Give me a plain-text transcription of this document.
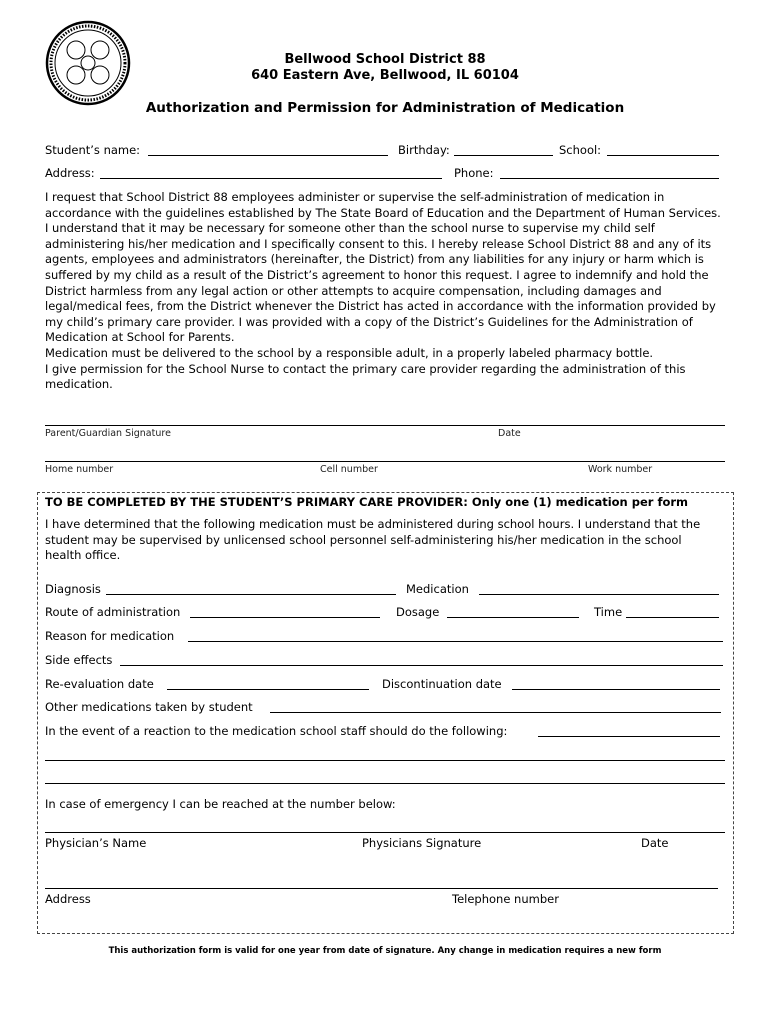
Bellwood School District 88
640 Eastern Ave, Bellwood, IL 60104
Authorization and Permission for Administration of Medication
Student’s name:	Birthday:	School:
Address:	Phone:

I request that School District 88 employees administer or supervise the self-administration of medication in accordance with the guidelines established by The State Board of Education and the Department of Human Services. I understand that it may be necessary for someone other than the school nurse to supervise my child self administering his/her medication and I specifically consent to this. I hereby release School District 88 and any of its agents, employees and administrators (hereinafter, the District) from any liabilities for any injury or harm which is suffered by my child as a result of the District’s agreement to honor this request. I agree to indemnify and hold the District harmless from any legal action or other attempts to acquire compensation, including damages and legal/medical fees, from the District whenever the District has acted in accordance with the information provided by my child’s primary care provider. I was provided with a copy of the District’s Guidelines for the Administration of Medication at School for Parents.

Medication must be delivered to the school by a responsible adult, in a properly labeled pharmacy bottle.

I give permission for the School Nurse to contact the primary care provider regarding the administration of this medication.

Parent/Guardian Signature	Date
Home number	Cell number	Work number
TO BE COMPLETED BY THE STUDENT’S PRIMARY CARE PROVIDER: Only one (1) medication per form
I have determined that the following medication must be administered during school hours. I understand that the student may be supervised by unlicensed school personnel self-administering his/her medication in the school health office.
Diagnosis	Medication
Route of administration	Dosage	Time
Reason for medication
Side effects
Re-evaluation date	Discontinuation date
Other medications taken by student
In the event of a reaction to the medication school staff should do the following:
In case of emergency I can be reached at the number below:
Physician’s Name	Physicians Signature	Date
Address	Telephone number
This authorization form is valid for one year from date of signature. Any change in medication requires a new form
